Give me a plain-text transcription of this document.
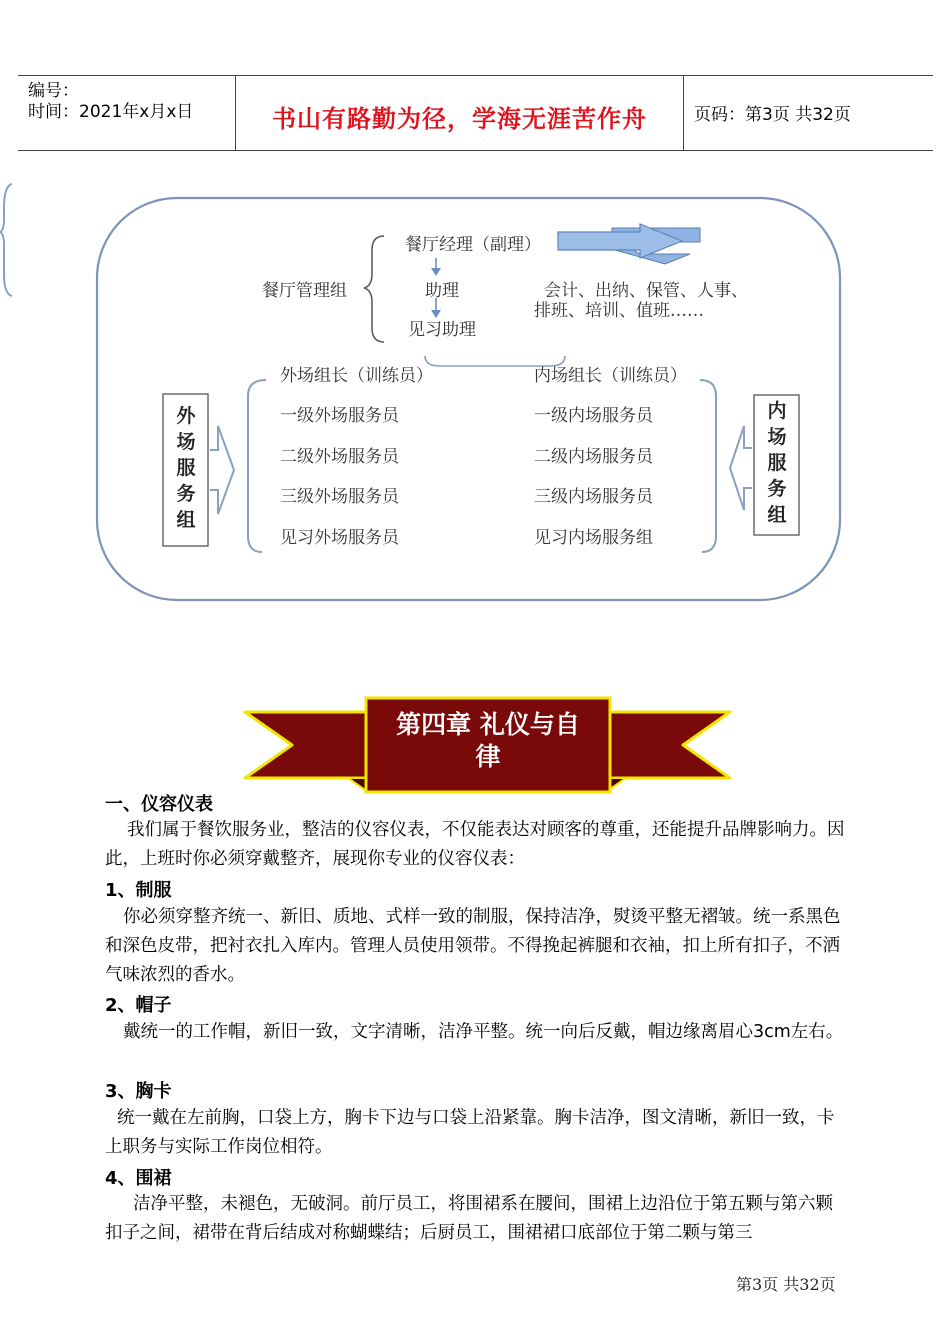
编号：
时间：2021年x月x日	书山有路勤为径，学海无涯苦作舟	页码：第3页 共32页
餐厅经理（副理）
餐厅管理组	助理
见习助理
会计、出纳、保管、人事、
排班、培训、值班……
外
场
服
务
组
内
场
服
务
组
外场组长（训练员）
一级外场服务员
二级外场服务员
三级外场服务员
见习外场服务员
内场组长（训练员）
一级内场服务员
二级内场服务员
三级内场服务员
见习内场服务组
第四章 礼仪与自
律
一、仪容仪表
我们属于餐饮服务业，整洁的仪容仪表，不仅能表达对顾客的尊重，还能提升品牌影响力。因此，上班时你必须穿戴整齐，展现你专业的仪容仪表：
1、制服
你必须穿整齐统一、新旧、质地、式样一致的制服，保持洁净，熨烫平整无褶皱。统一系黑色和深色皮带，把衬衣扎入库内。管理人员使用领带。不得挽起裤腿和衣袖，扣上所有扣子，不洒气味浓烈的香水。
2、帽子
戴统一的工作帽，新旧一致，文字清晰，洁净平整。统一向后反戴，帽边缘离眉心3cm左右。
3、胸卡
统一戴在左前胸，口袋上方，胸卡下边与口袋上沿紧靠。胸卡洁净，图文清晰，新旧一致，卡上职务与实际工作岗位相符。
4、围裙
洁净平整，未褪色，无破洞。前厅员工，将围裙系在腰间，围裙上边沿位于第五颗与第六颗扣子之间，裙带在背后结成对称蝴蝶结；后厨员工，围裙裙口底部位于第二颗与第三
第3页 共32页
